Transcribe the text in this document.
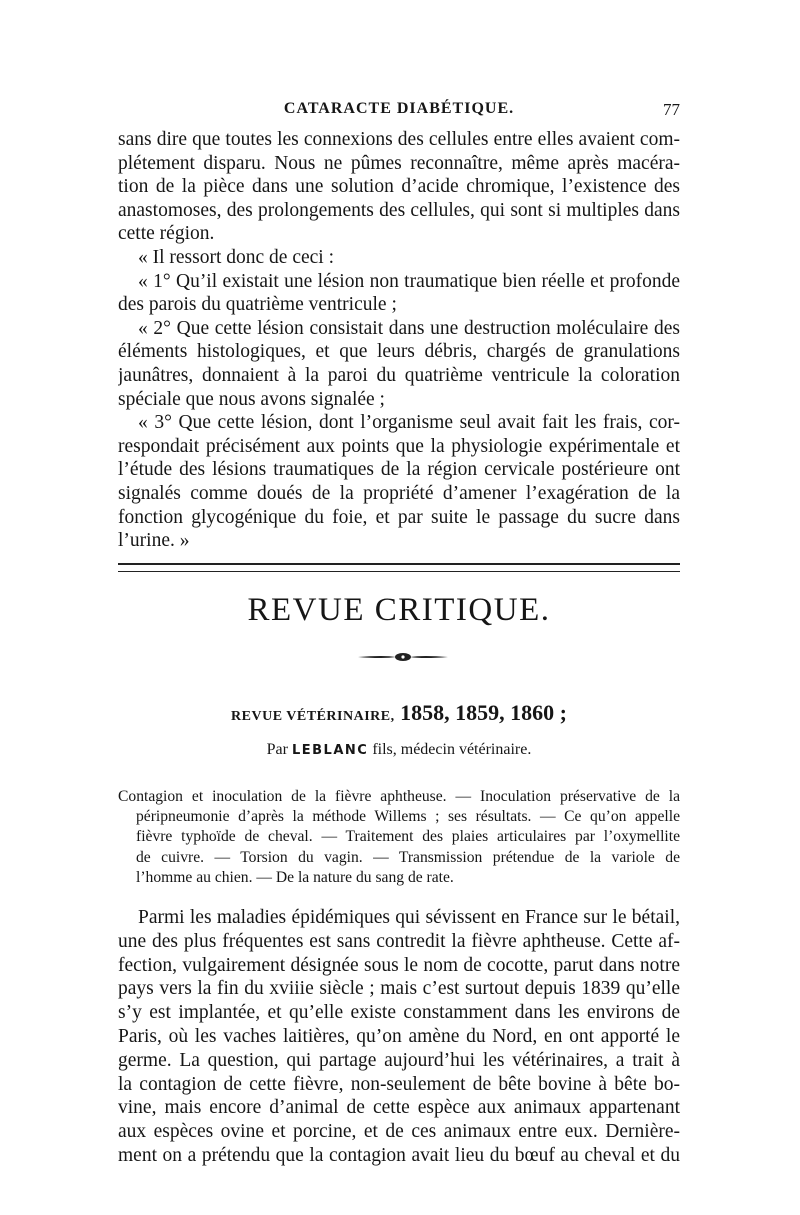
CATARACTE DIABÉTIQUE.	77
sans dire que toutes les connexions des cellules entre elles avaient com-
plétement disparu. Nous ne pûmes reconnaître, même après macéra-
tion de la pièce dans une solution d’acide chromique, l’existence des
anastomoses, des prolongements des cellules, qui sont si multiples dans
cette région.
« Il ressort donc de ceci :
« 1° Qu’il existait une lésion non traumatique bien réelle et profonde
des parois du quatrième ventricule ;
« 2° Que cette lésion consistait dans une destruction moléculaire des
éléments histologiques, et que leurs débris, chargés de granulations
jaunâtres, donnaient à la paroi du quatrième ventricule la coloration
spéciale que nous avons signalée ;
« 3° Que cette lésion, dont l’organisme seul avait fait les frais, cor-
respondait précisément aux points que la physiologie expérimentale et
l’étude des lésions traumatiques de la région cervicale postérieure ont
signalés comme doués de la propriété d’amener l’exagération de la
fonction glycogénique du foie, et par suite le passage du sucre dans
l’urine. »
REVUE CRITIQUE.
REVUE VÉTÉRINAIRE, 1858, 1859, 1860 ;
Par LEBLANC fils, médecin vétérinaire.
Contagion et inoculation de la fièvre aphtheuse. — Inoculation préservative de la
péripneumonie d’après la méthode Willems ; ses résultats. — Ce qu’on appelle
fièvre typhoïde de cheval. — Traitement des plaies articulaires par l’oxymellite
de cuivre. — Torsion du vagin. — Transmission prétendue de la variole de
l’homme au chien. — De la nature du sang de rate.
Parmi les maladies épidémiques qui sévissent en France sur le bétail,
une des plus fréquentes est sans contredit la fièvre aphtheuse. Cette af-
fection, vulgairement désignée sous le nom de cocotte, parut dans notre
pays vers la fin du xviiie siècle ; mais c’est surtout depuis 1839 qu’elle
s’y est implantée, et qu’elle existe constamment dans les environs de
Paris, où les vaches laitières, qu’on amène du Nord, en ont apporté le
germe. La question, qui partage aujourd’hui les vétérinaires, a trait à
la contagion de cette fièvre, non-seulement de bête bovine à bête bo-
vine, mais encore d’animal de cette espèce aux animaux appartenant
aux espèces ovine et porcine, et de ces animaux entre eux. Dernière-
ment on a prétendu que la contagion avait lieu du bœuf au cheval et du
